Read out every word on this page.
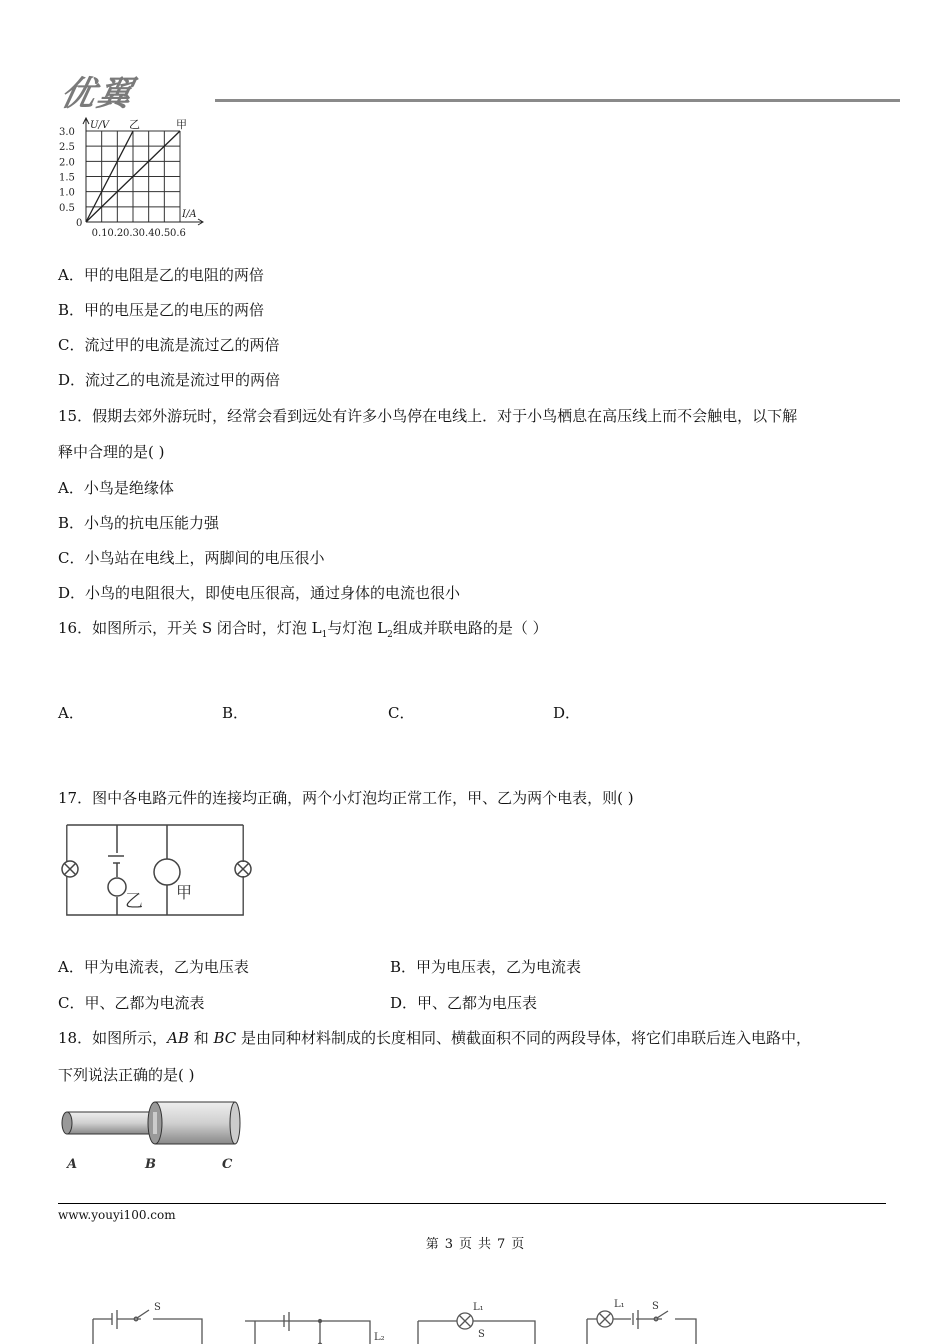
优翼
0
0.5
1.0
1.5
2.0
2.5
3.0
0.1 0.2 0.3 0.4 0.5 0.6
U/V
I/A
乙	甲
A．甲的电阻是乙的电阻的两倍
B．甲的电压是乙的电压的两倍
C．流过甲的电流是流过乙的两倍
D．流过乙的电流是流过甲的两倍
15．假期去郊外游玩时，经常会看到远处有许多小鸟停在电线上．对于小鸟栖息在高压线上而不会触电，以下解
释中合理的是( )
A．小鸟是绝缘体
B．小鸟的抗电压能力强
C．小鸟站在电线上，两脚间的电压很小
D．小鸟的电阻很大，即使电压很高，通过身体的电流也很小
16．如图所示，开关 S 闭合时，灯泡 $L_1$与灯泡 $L_2$组成并联电路的是（ ）
A．	B．	C．	D．
S
L₂	S
L₁	S
L₁
17．图中各电路元件的连接均正确，两个小灯泡均正常工作，甲、乙为两个电表，则( )
乙 甲
A．甲为电流表，乙为电压表	B．甲为电压表，乙为电流表
C．甲、乙都为电流表	D．甲、乙都为电压表
18．如图所示，AB 和 BC 是由同种材料制成的长度相同、横截面积不同的两段导体，将它们串联后连入电路中，
下列说法正确的是( )
A	B	C
www.youyi100.com
第 3 页 共 7 页
